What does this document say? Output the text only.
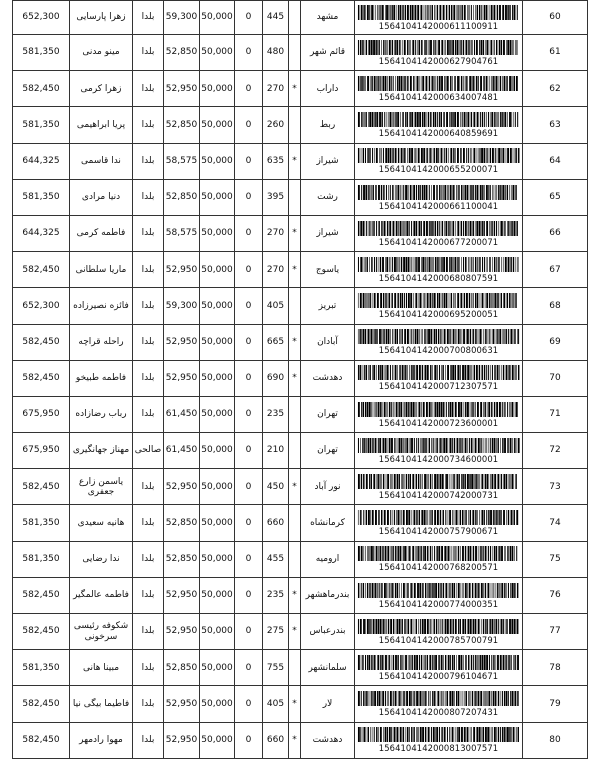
652,300	زهرا پارسایی	بلدا	59,300	50,000	0	445		مشهد	1564104142000611100911	60
581,350	مینو مدنی	بلدا	52,850	50,000	0	480		قائم شهر	1564104142000627904761	61
582,450	زهرا کرمی	بلدا	52,950	50,000	0	270	*	داراب	1564104142000634007481	62
581,350	پریا ابراهیمی	بلدا	52,850	50,000	0	260		ربط	1564104142000640859691	63
644,325	ندا قاسمی	بلدا	58,575	50,000	0	635	*	شیراز	1564104142000655200071	64
581,350	دنیا مرادی	بلدا	52,850	50,000	0	395		رشت	1564104142000661100041	65
644,325	فاطمه کرمی	بلدا	58,575	50,000	0	270	*	شیراز	1564104142000677200071	66
582,450	ماریا سلطانی	بلدا	52,950	50,000	0	270	*	یاسوج	1564104142000680807591	67
652,300	فائزه نصیرزاده	بلدا	59,300	50,000	0	405		تبریز	1564104142000695200051	68
582,450	راحله قراچه	بلدا	52,950	50,000	0	665	*	آبادان	1564104142000700800631	69
582,450	فاطمه طبیخو	بلدا	52,950	50,000	0	690	*	دهدشت	1564104142000712307571	70
675,950	رباب رضازاده	بلدا	61,450	50,000	0	235		تهران	1564104142000723600001	71
675,950	مهناز جهانگیری	صالحی	61,450	50,000	0	210		تهران	1564104142000734600001	72
582,450	یاسمن زارع جعفری	بلدا	52,950	50,000	0	450	*	نور آباد	1564104142000742000731	73
581,350	هانیه سعیدی	بلدا	52,850	50,000	0	660		کرمانشاه	1564104142000757900671	74
581,350	ندا رضایی	بلدا	52,850	50,000	0	455		ارومیه	1564104142000768200571	75
582,450	فاطمه عالمگیر	بلدا	52,950	50,000	0	235	*	بندرماهشهر	1564104142000774000351	76
582,450	شکوفه رئیسی سرخونی	بلدا	52,950	50,000	0	275	*	بندرعباس	1564104142000785700791	77
581,350	مبینا هانی	بلدا	52,850	50,000	0	755		سلمانشهر	1564104142000796104671	78
582,450	فاطیما بیگی نیا	بلدا	52,950	50,000	0	405	*	لار	1564104142000807207431	79
582,450	مهوا رادمهر	بلدا	52,950	50,000	0	660	*	دهدشت	1564104142000813007571	80
